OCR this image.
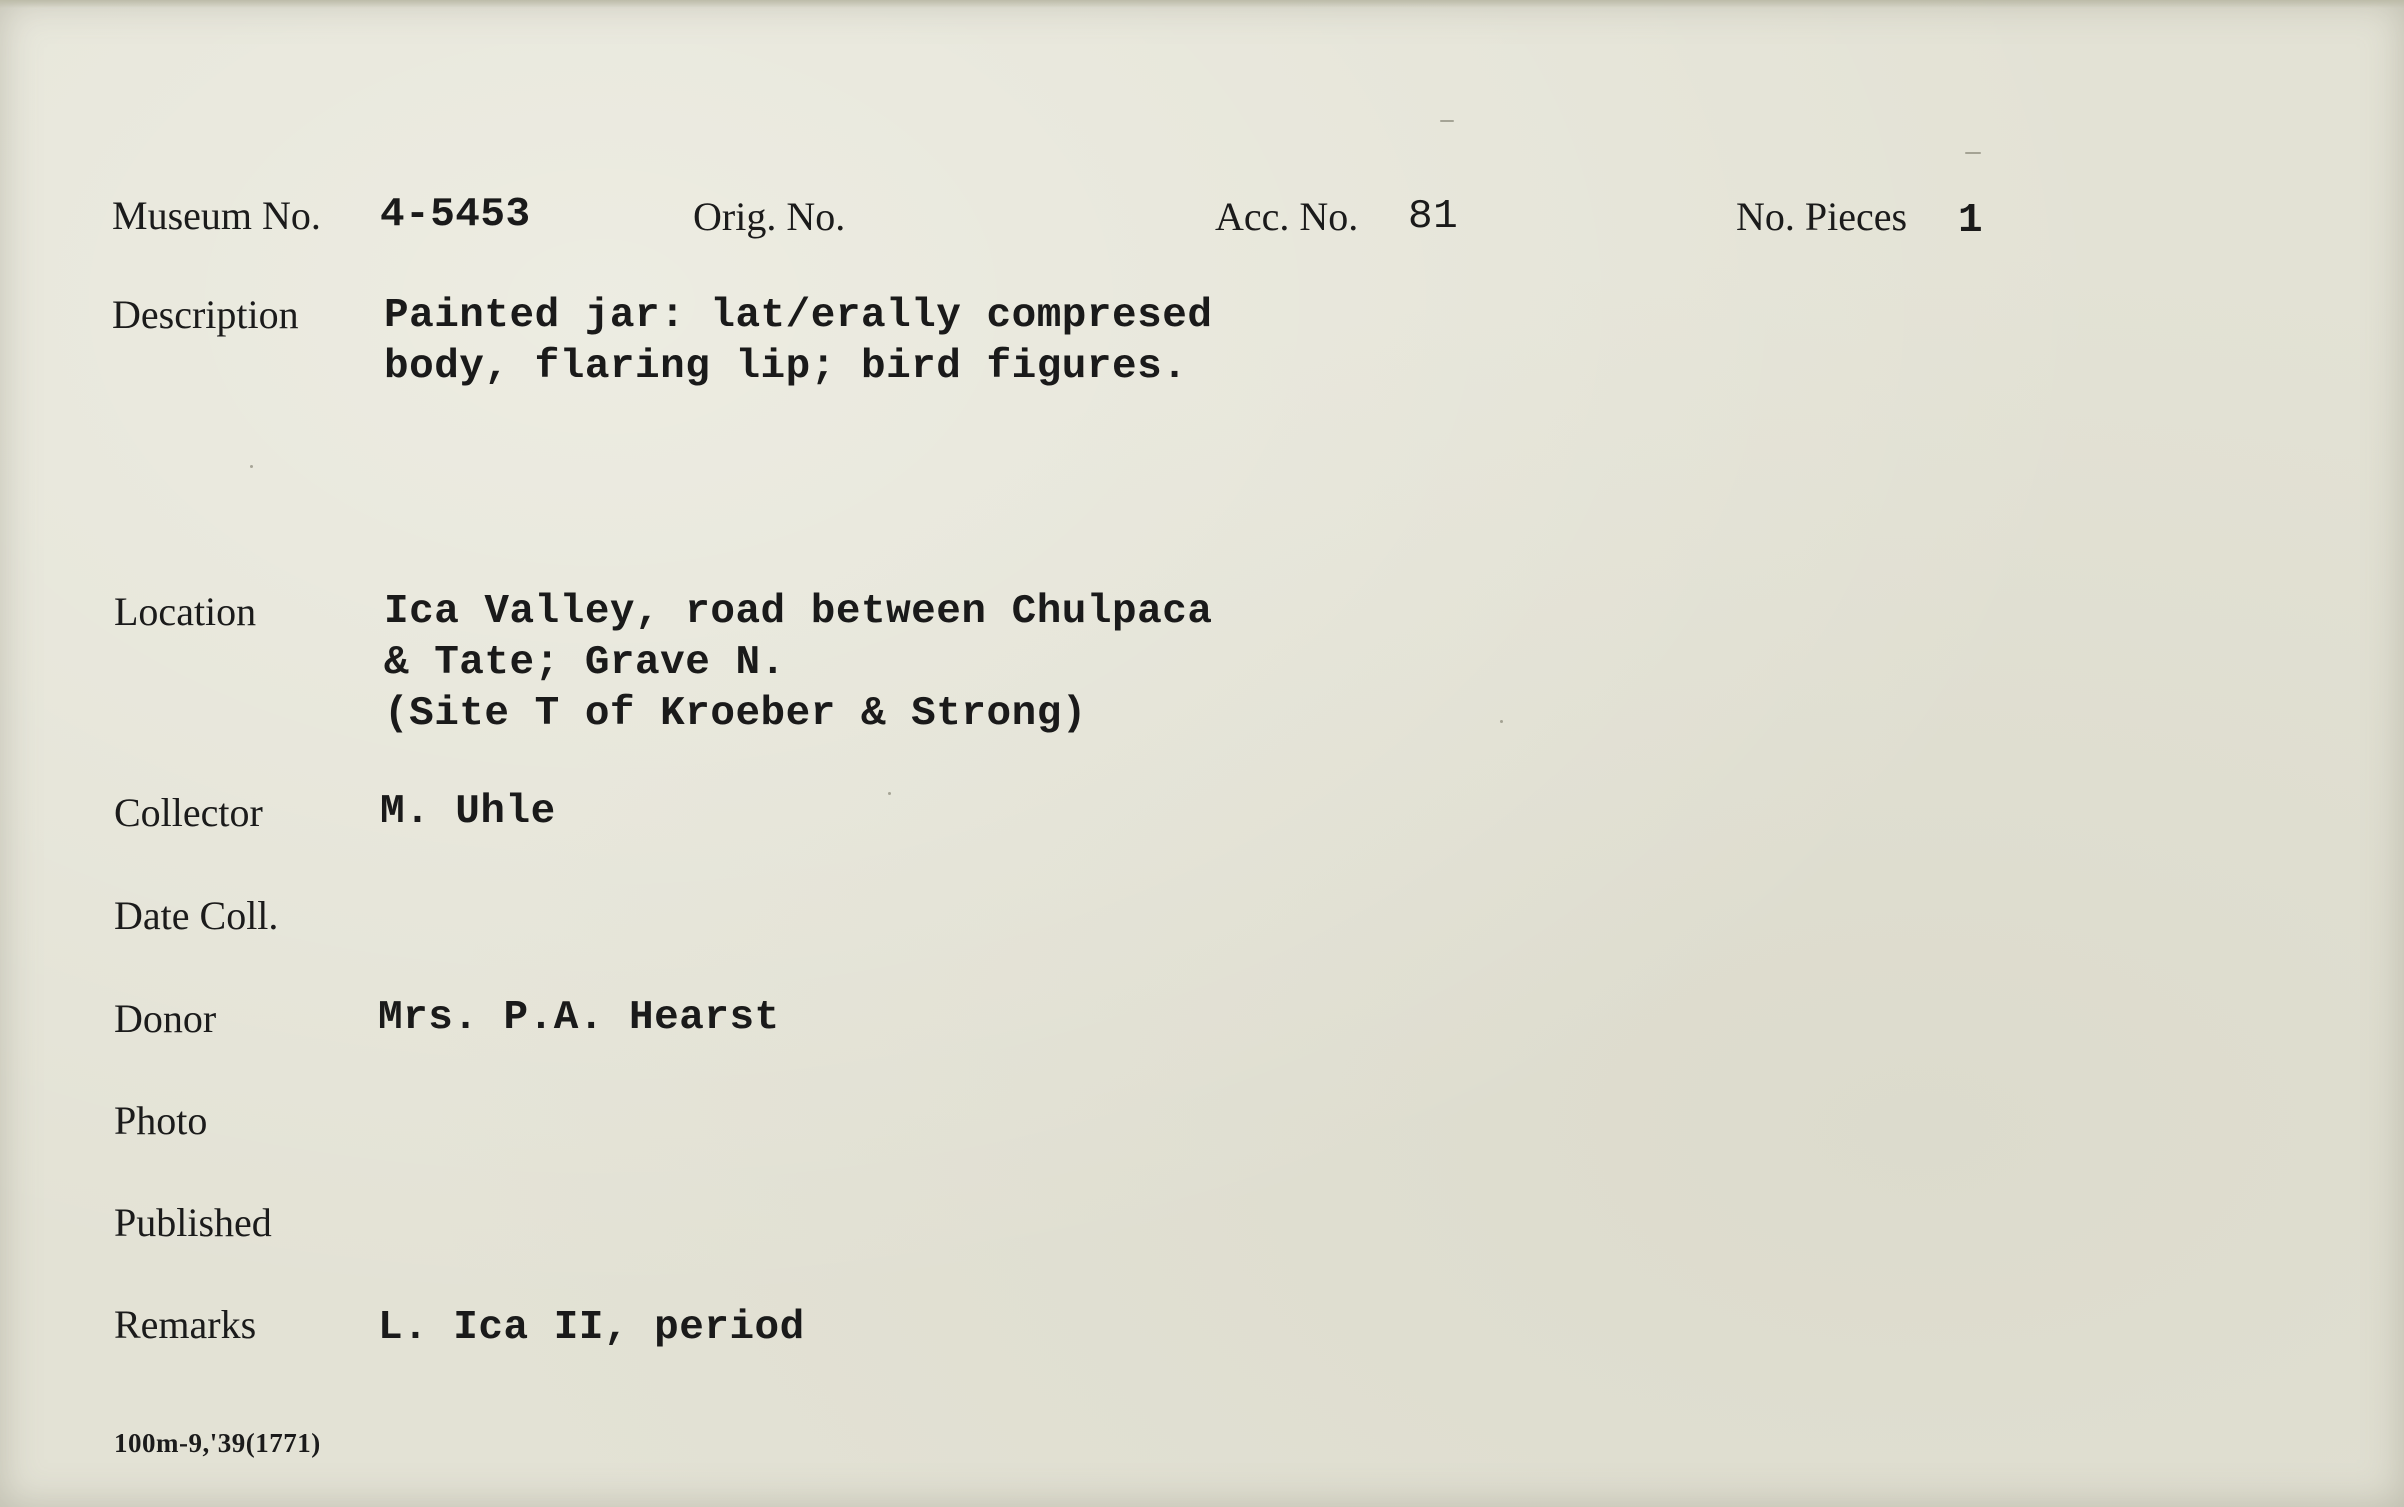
Museum No. 4-5453	Orig. No.	Acc. No. 81	No. Pieces 1
Description Painted jar: lat/erally compresed
body, flaring lip; bird figures.
Location	Ica Valley, road between Chulpaca
& Tate; Grave N.
(Site T of Kroeber & Strong)
Collector	M. Uhle
Date Coll.
Donor	Mrs. P.A. Hearst
Photo
Published
Remarks	L. Ica II, period
100m-9,'39(1771)
